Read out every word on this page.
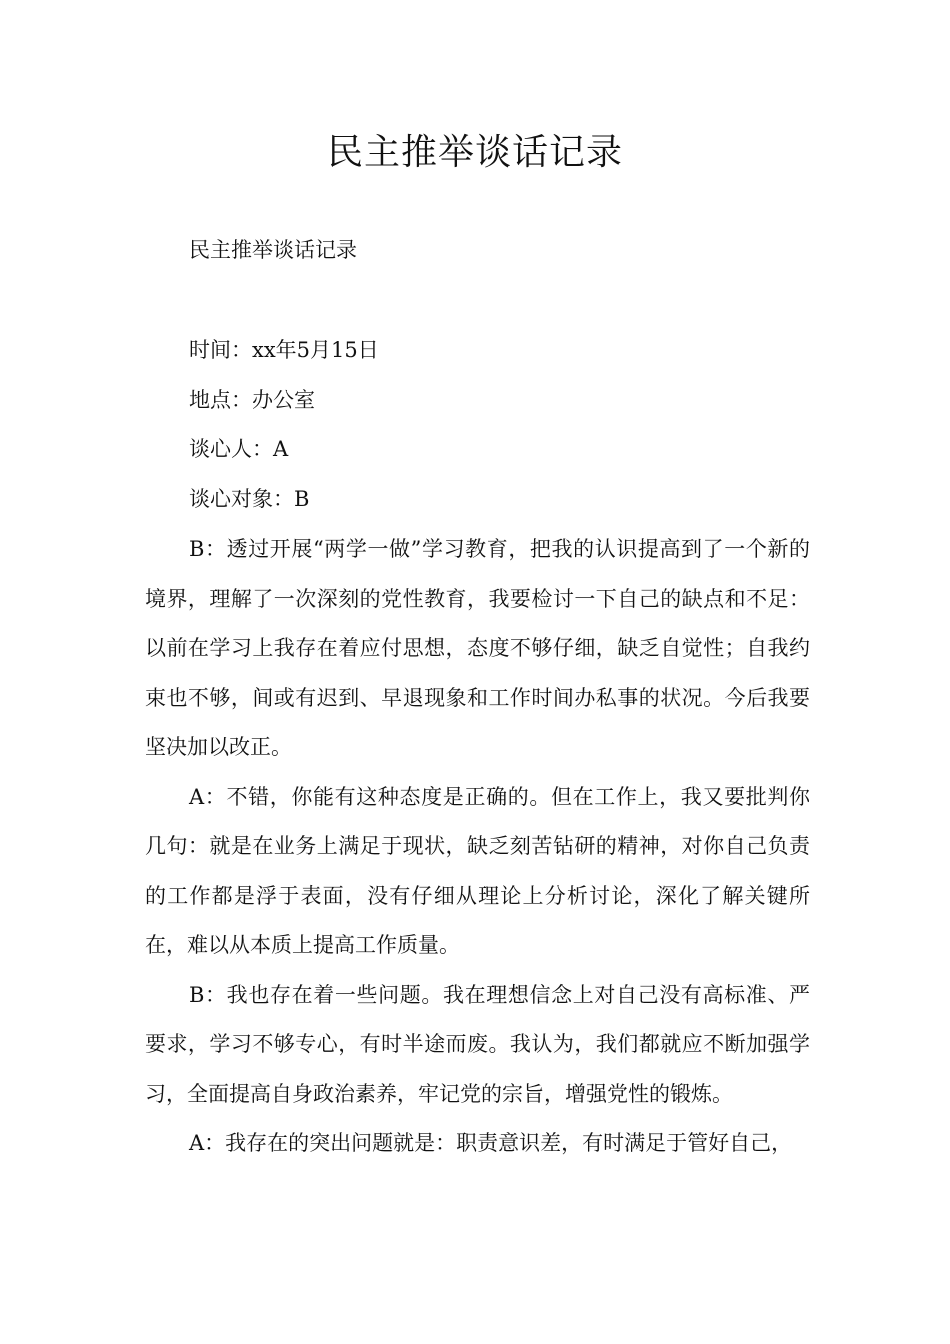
民主推举谈话记录

民主推举谈话记录

时间：xx年5月15日

地点：办公室

谈心人：A

谈心对象：B

B：透过开展“两学一做”学习教育，把我的认识提高到了一个新的境界，理解了一次深刻的党性教育，我要检讨一下自己的缺点和不足：以前在学习上我存在着应付思想，态度不够仔细，缺乏自觉性；自我约束也不够，间或有迟到、早退现象和工作时间办私事的状况。今后我要坚决加以改正。

A：不错，你能有这种态度是正确的。但在工作上，我又要批判你几句：就是在业务上满足于现状，缺乏刻苦钻研的精神，对你自己负责的工作都是浮于表面，没有仔细从理论上分析讨论，深化了解关键所在，难以从本质上提高工作质量。

B：我也存在着一些问题。我在理想信念上对自己没有高标准、严要求，学习不够专心，有时半途而废。我认为，我们都就应不断加强学习，全面提高自身政治素养，牢记党的宗旨，增强党性的锻炼。

A：我存在的突出问题就是：职责意识差，有时满足于管好自己，
